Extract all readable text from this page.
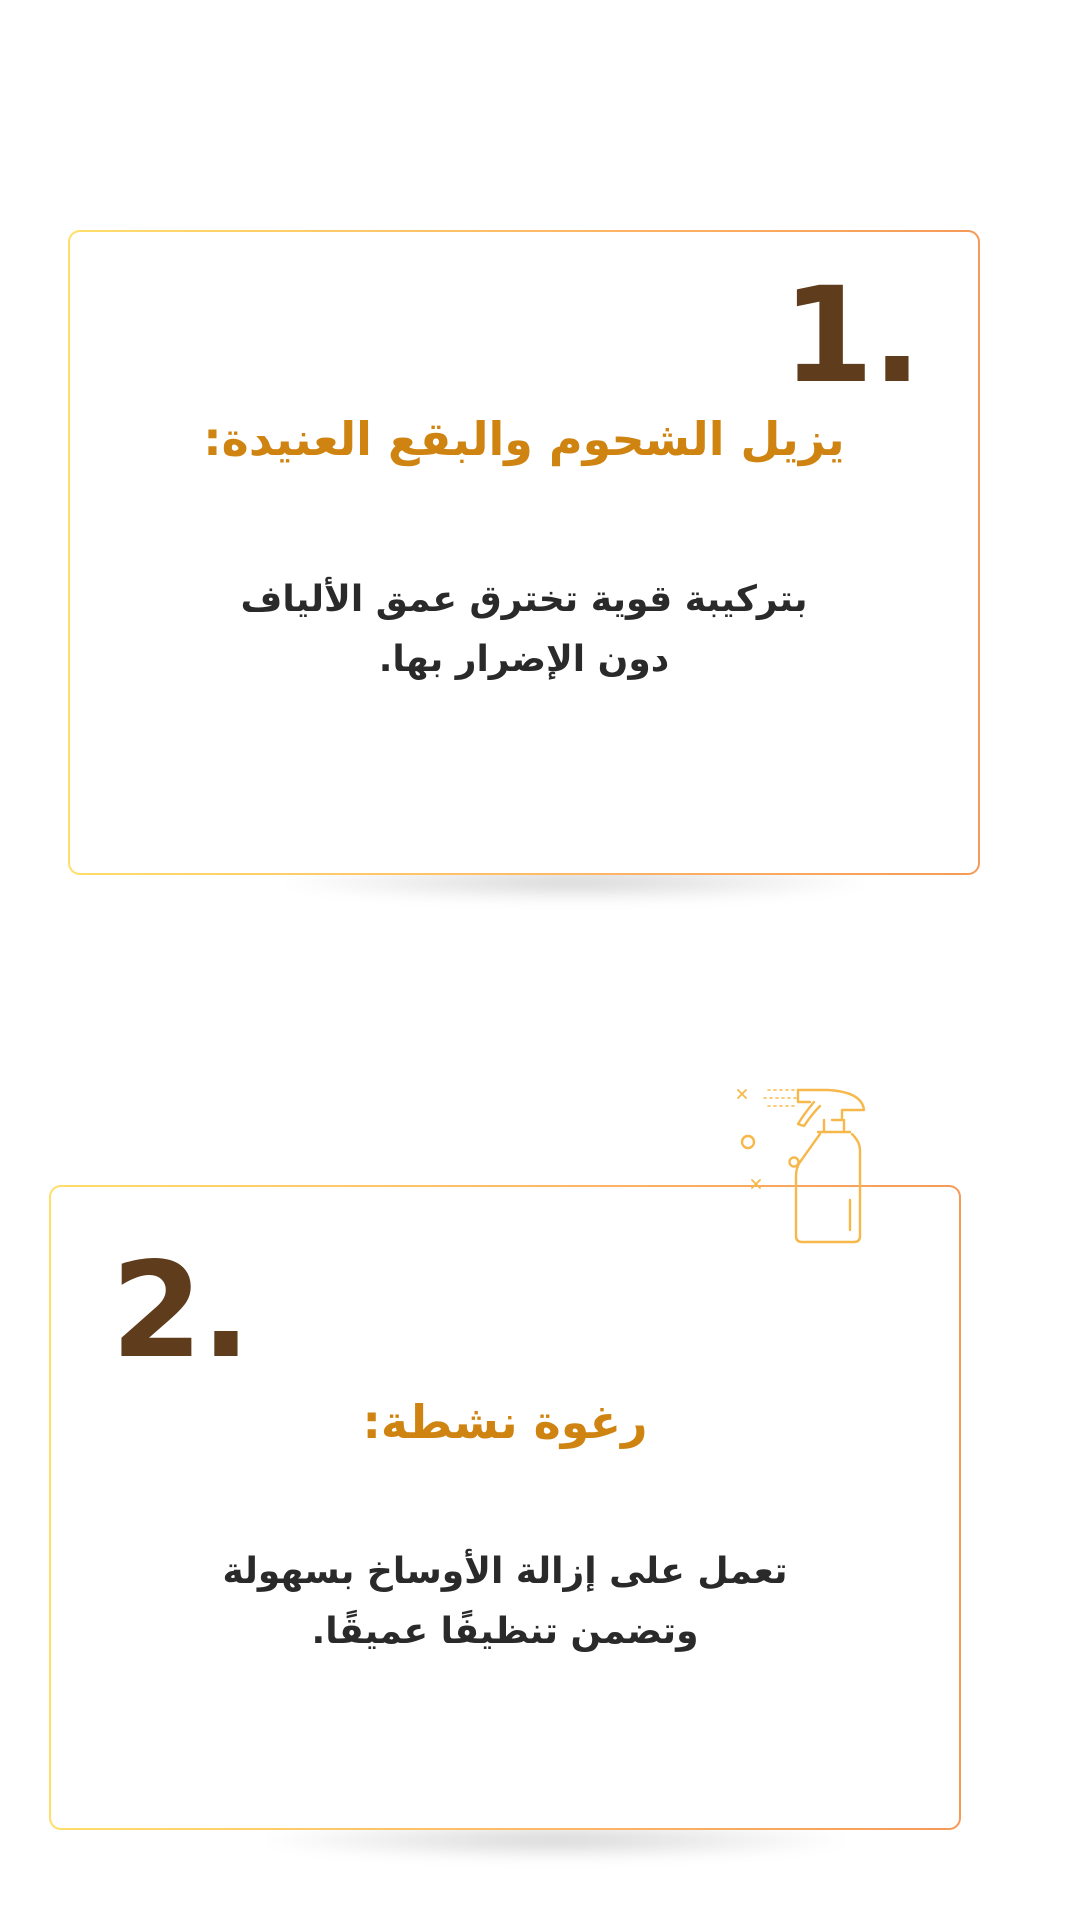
1.
يزيل الشحوم والبقع العنيدة:
بتركيبة قوية تخترق عمق الألياف دون الإضرار بها.
2.
رغوة نشطة:
تعمل على إزالة الأوساخ بسهولة وتضمن تنظيفًا عميقًا.
